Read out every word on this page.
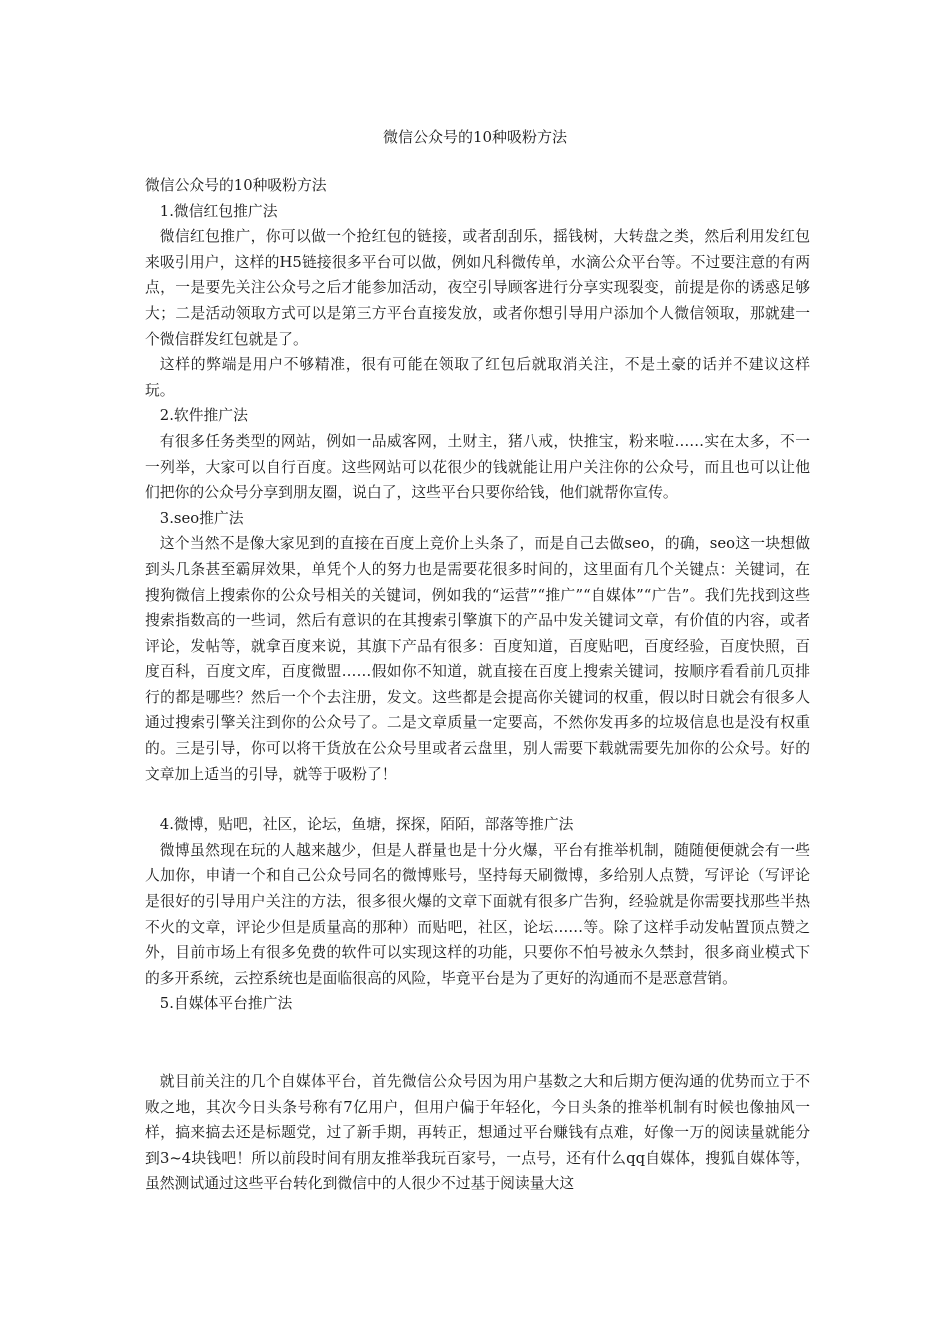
微信公众号的10种吸粉方法

微信公众号的10种吸粉方法

1.微信红包推广法

微信红包推广，你可以做一个抢红包的链接，或者刮刮乐，摇钱树，大转盘之类，然后利用发红包来吸引用户，这样的H5链接很多平台可以做，例如凡科微传单，水滴公众平台等。不过要注意的有两点，一是要先关注公众号之后才能参加活动，夜空引导顾客进行分享实现裂变，前提是你的诱惑足够大；二是活动领取方式可以是第三方平台直接发放，或者你想引导用户添加个人微信领取，那就建一个微信群发红包就是了。

这样的弊端是用户不够精准，很有可能在领取了红包后就取消关注，不是土豪的话并不建议这样玩。

2.软件推广法

有很多任务类型的网站，例如一品威客网，土财主，猪八戒，快推宝，粉来啦……实在太多，不一一列举，大家可以自行百度。这些网站可以花很少的钱就能让用户关注你的公众号，而且也可以让他们把你的公众号分享到朋友圈，说白了，这些平台只要你给钱，他们就帮你宣传。

3.seo推广法

这个当然不是像大家见到的直接在百度上竞价上头条了，而是自己去做seo，的确，seo这一块想做到头几条甚至霸屏效果，单凭个人的努力也是需要花很多时间的，这里面有几个关键点：关键词，在搜狗微信上搜索你的公众号相关的关键词，例如我的“运营”“推广”“自媒体”“广告”。我们先找到这些搜索指数高的一些词，然后有意识的在其搜索引擎旗下的产品中发关键词文章，有价值的内容，或者评论，发帖等，就拿百度来说，其旗下产品有很多：百度知道，百度贴吧，百度经验，百度快照，百度百科，百度文库，百度微盟……假如你不知道，就直接在百度上搜索关键词，按顺序看看前几页排行的都是哪些？然后一个个去注册，发文。这些都是会提高你关键词的权重，假以时日就会有很多人通过搜索引擎关注到你的公众号了。二是文章质量一定要高，不然你发再多的垃圾信息也是没有权重的。三是引导，你可以将干货放在公众号里或者云盘里，别人需要下载就需要先加你的公众号。好的文章加上适当的引导，就等于吸粉了！

4.微博，贴吧，社区，论坛，鱼塘，探探，陌陌，部落等推广法

微博虽然现在玩的人越来越少，但是人群量也是十分火爆，平台有推举机制，随随便便就会有一些人加你，申请一个和自己公众号同名的微博账号，坚持每天刷微博，多给别人点赞，写评论（写评论是很好的引导用户关注的方法，很多很火爆的文章下面就有很多广告狗，经验就是你需要找那些半热不火的文章，评论少但是质量高的那种）而贴吧，社区，论坛……等。除了这样手动发帖置顶点赞之外，目前市场上有很多免费的软件可以实现这样的功能，只要你不怕号被永久禁封，很多商业模式下的多开系统，云控系统也是面临很高的风险，毕竟平台是为了更好的沟通而不是恶意营销。

5.自媒体平台推广法

就目前关注的几个自媒体平台，首先微信公众号因为用户基数之大和后期方便沟通的优势而立于不败之地，其次今日头条号称有7亿用户，但用户偏于年轻化，今日头条的推举机制有时候也像抽风一样，搞来搞去还是标题党，过了新手期，再转正，想通过平台赚钱有点难，好像一万的阅读量就能分到3~4块钱吧！所以前段时间有朋友推举我玩百家号，一点号，还有什么qq自媒体，搜狐自媒体等，虽然测试通过这些平台转化到微信中的人很少不过基于阅读量大这
